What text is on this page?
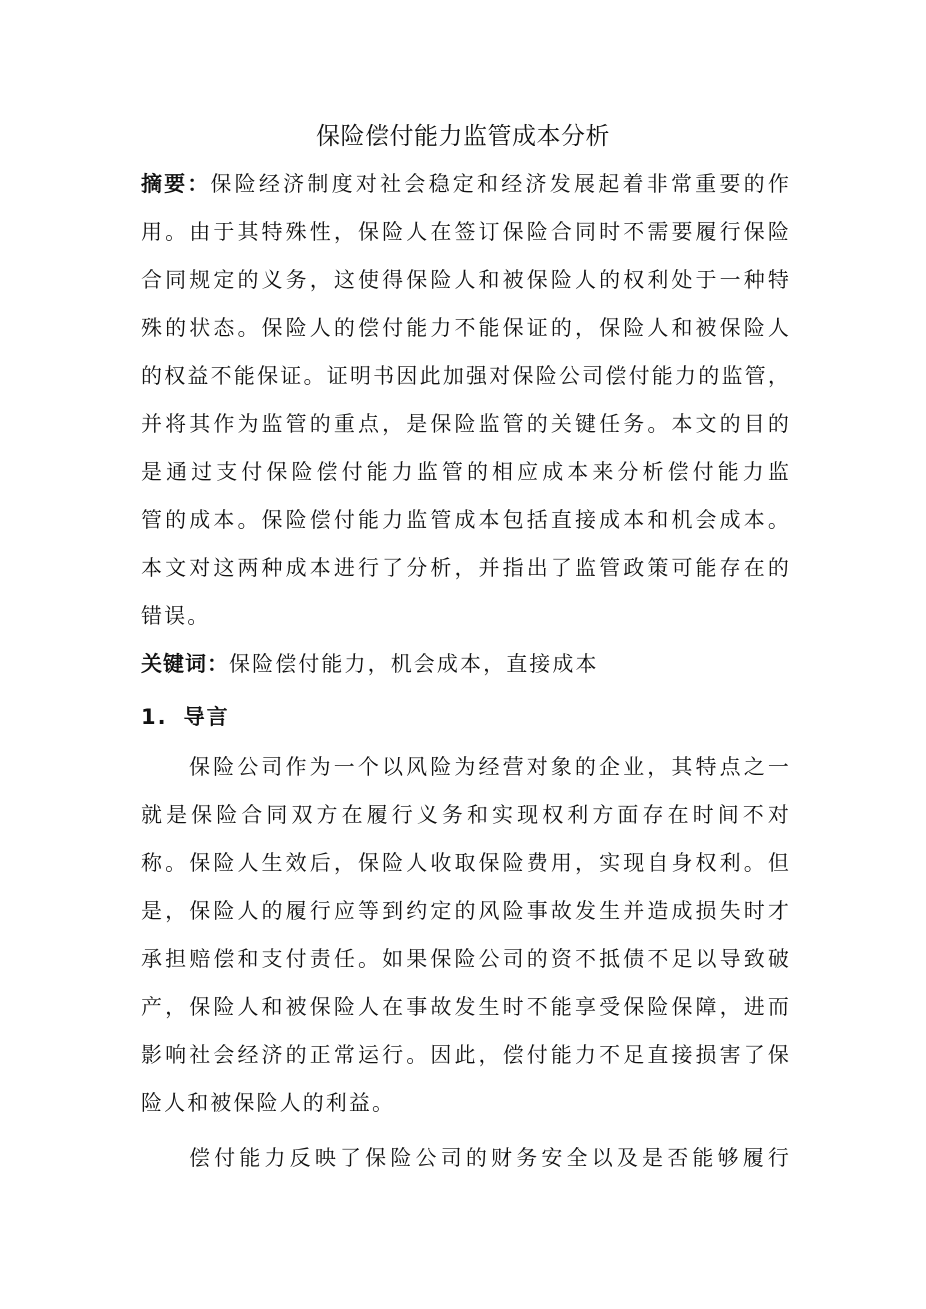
保险偿付能力监管成本分析
摘要：保险经济制度对社会稳定和经济发展起着非常重要的作
用。由于其特殊性，保险人在签订保险合同时不需要履行保险
合同规定的义务，这使得保险人和被保险人的权利处于一种特
殊的状态。保险人的偿付能力不能保证的，保险人和被保险人
的权益不能保证。证明书因此加强对保险公司偿付能力的监管，
并将其作为监管的重点，是保险监管的关键任务。本文的目的
是通过支付保险偿付能力监管的相应成本来分析偿付能力监
管的成本。保险偿付能力监管成本包括直接成本和机会成本。
本文对这两种成本进行了分析，并指出了监管政策可能存在的
错误。
关键词：保险偿付能力，机会成本，直接成本
1. 导言
保险公司作为一个以风险为经营对象的企业，其特点之一
就是保险合同双方在履行义务和实现权利方面存在时间不对
称。保险人生效后，保险人收取保险费用，实现自身权利。但
是，保险人的履行应等到约定的风险事故发生并造成损失时才
承担赔偿和支付责任。如果保险公司的资不抵债不足以导致破
产，保险人和被保险人在事故发生时不能享受保险保障，进而
影响社会经济的正常运行。因此，偿付能力不足直接损害了保
险人和被保险人的利益。
偿付能力反映了保险公司的财务安全以及是否能够履行
